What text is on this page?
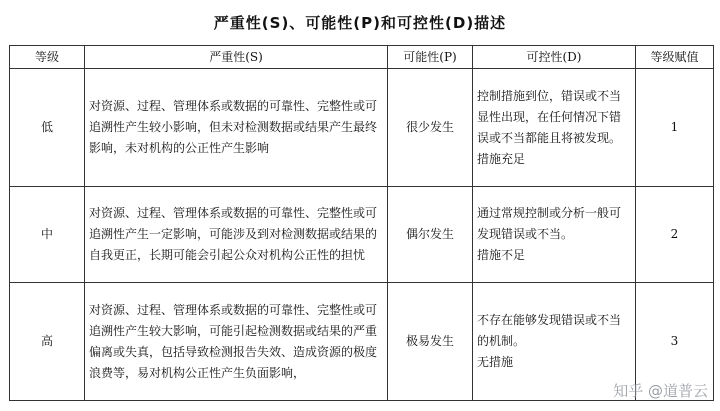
严重性(S)、可能性(P)和可控性(D)描述
等级	严重性(S)	可能性(P)	可控性(D)	等级赋值
低	对资源、过程、管理体系或数据的可靠性、完整性或可追溯性产生较小影响，但未对检测数据或结果产生最终影响，未对机构的公正性产生影响	很少发生	控制措施到位，错误或不当显性出现，在任何情况下错误或不当都能且将被发现。
措施充足	1
中	对资源、过程、管理体系或数据的可靠性、完整性或可追溯性产生一定影响，可能涉及到对检测数据或结果的自我更正，长期可能会引起公众对机构公正性的担忧	偶尔发生	通过常规控制或分析一般可发现错误或不当。
措施不足	2
高	对资源、过程、管理体系或数据的可靠性、完整性或可追溯性产生较大影响，可能引起检测数据或结果的严重偏离或失真，包括导致检测报告失效、造成资源的极度浪费等，易对机构公正性产生负面影响，	极易发生	不存在能够发现错误或不当的机制。
无措施	3
知乎 @道普云
